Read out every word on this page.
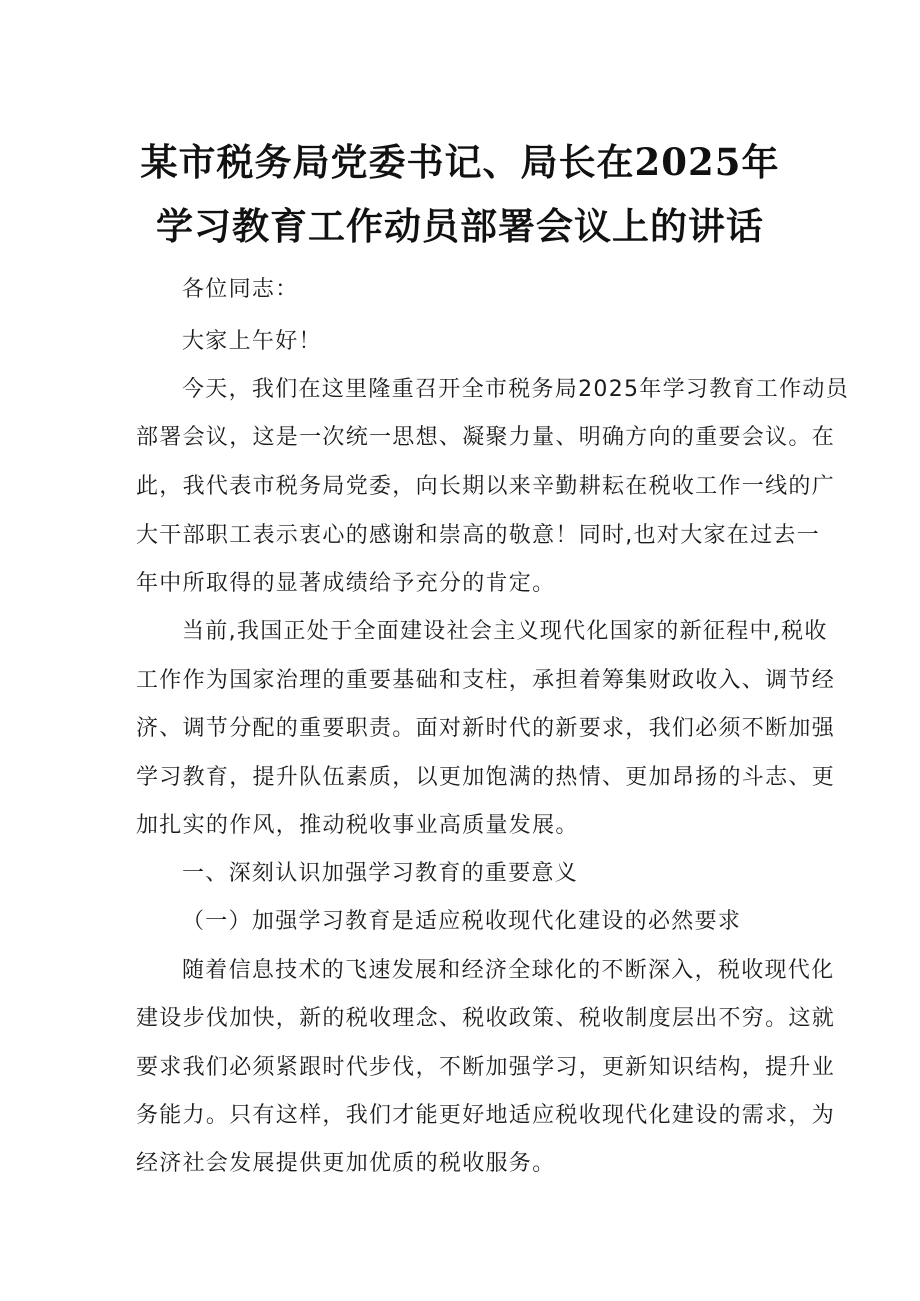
某市税务局党委书记、局长在2025年
学习教育工作动员部署会议上的讲话
各位同志：
大家上午好！
今天，我们在这里隆重召开全市税务局2025年学习教育工作动员
部署会议，这是一次统一思想、凝聚力量、明确方向的重要会议。在
此，我代表市税务局党委，向长期以来辛勤耕耘在税收工作一线的广
大干部职工表示衷心的感谢和崇高的敬意！同时,也对大家在过去一
年中所取得的显著成绩给予充分的肯定。
当前,我国正处于全面建设社会主义现代化国家的新征程中,税收
工作作为国家治理的重要基础和支柱，承担着筹集财政收入、调节经
济、调节分配的重要职责。面对新时代的新要求，我们必须不断加强
学习教育，提升队伍素质，以更加饱满的热情、更加昂扬的斗志、更
加扎实的作风，推动税收事业高质量发展。
一、深刻认识加强学习教育的重要意义
（一）加强学习教育是适应税收现代化建设的必然要求
随着信息技术的飞速发展和经济全球化的不断深入，税收现代化
建设步伐加快，新的税收理念、税收政策、税收制度层出不穷。这就
要求我们必须紧跟时代步伐，不断加强学习，更新知识结构，提升业
务能力。只有这样，我们才能更好地适应税收现代化建设的需求，为
经济社会发展提供更加优质的税收服务。
